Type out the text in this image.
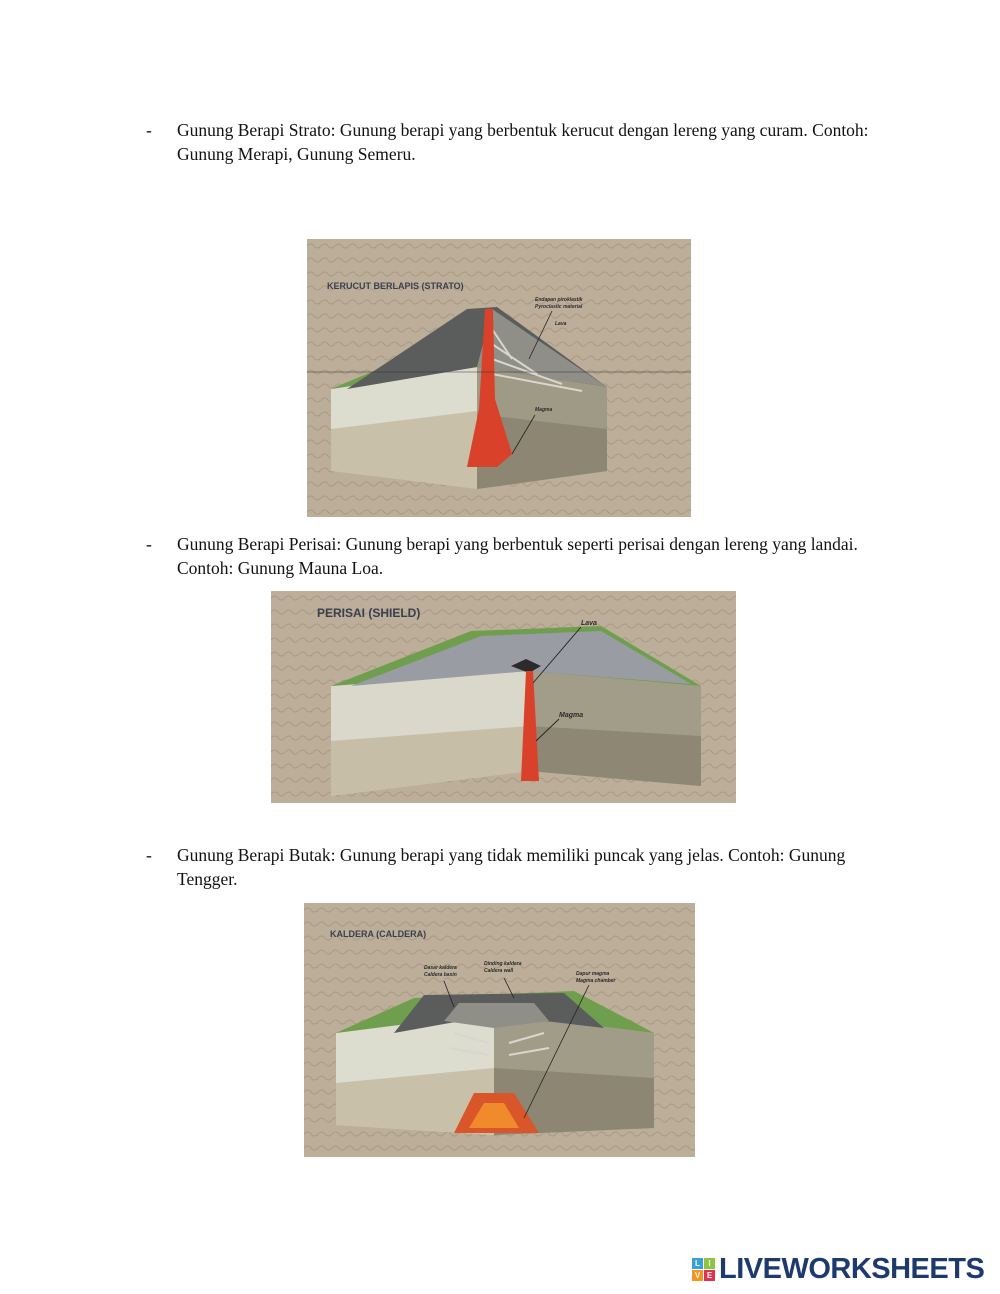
- Gunung Berapi Strato: Gunung berapi yang berbentuk kerucut dengan lereng yang curam. Contoh: Gunung Merapi, Gunung Semeru.
KERUCUT BERLAPIS (STRATO)
Endapan piroklastik
Pyroclastic material
Lava
Magma
- Gunung Berapi Perisai: Gunung berapi yang berbentuk seperti perisai dengan lereng yang landai. Contoh: Gunung Mauna Loa.
PERISAI (SHIELD)
Lava
Magma
- Gunung Berapi Butak: Gunung berapi yang tidak memiliki puncak yang jelas. Contoh: Gunung Tengger.
KALDERA (CALDERA)
Dasar kaldera
Caldera basin
Dinding kaldera
Caldera wall	Dapur magma
Magma chamber
L	I
V E LIVEWORKSHEETS
